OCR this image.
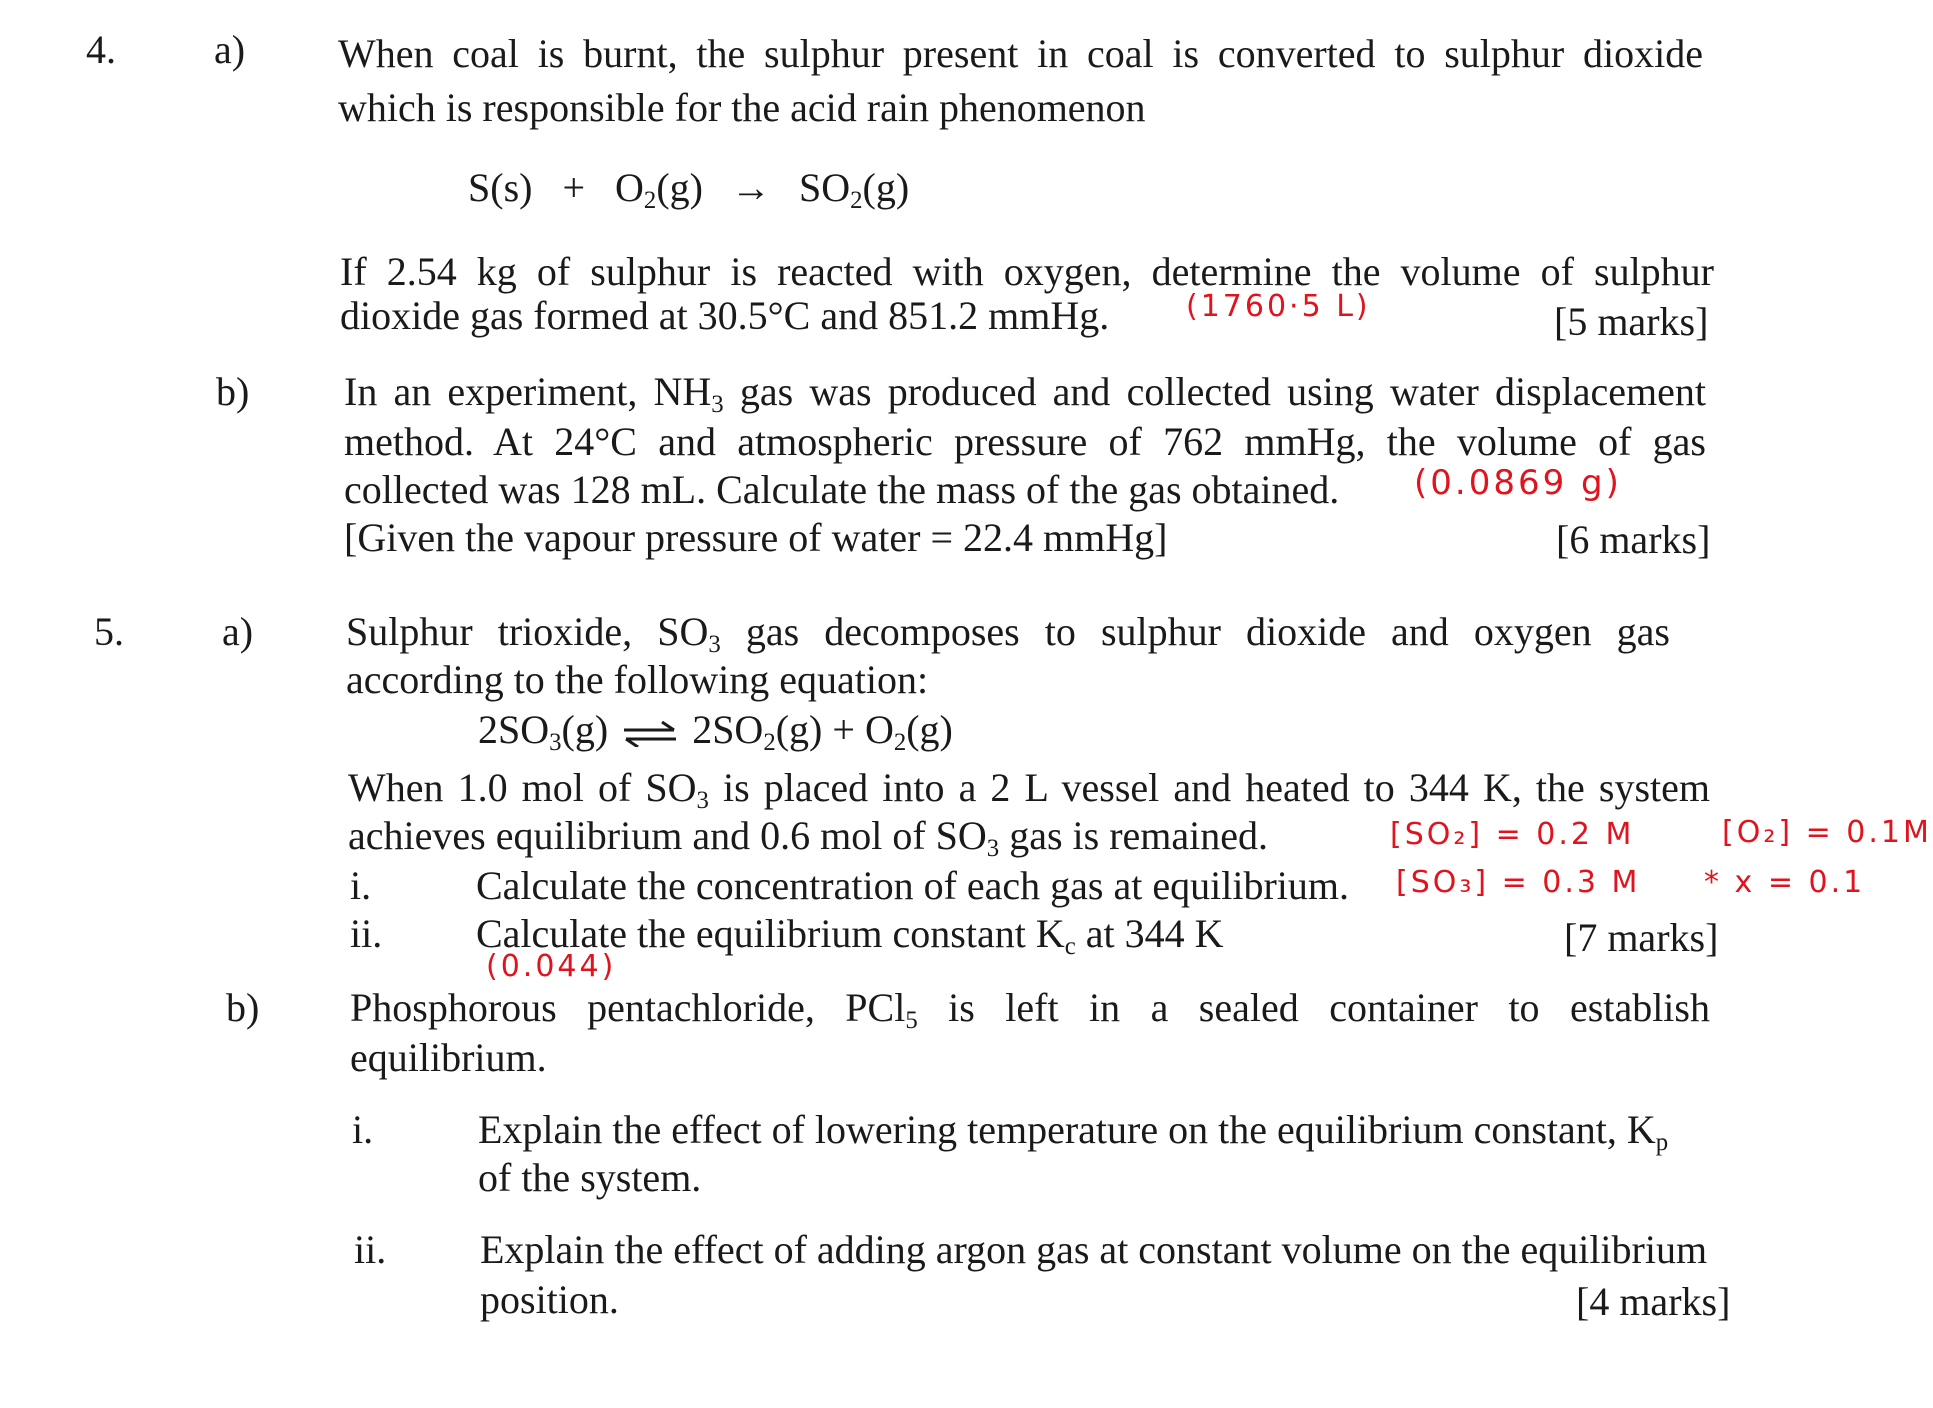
4. a) When coal is burnt, the sulphur present in coal is converted to sulphur dioxide
which is responsible for the acid rain phenomenon
$S(s) + O_2(g) \to SO_2(g)$
If 2.54 kg of sulphur is reacted with oxygen, determine the volume of sulphur
dioxide gas formed at 30.5°C and 851.2 mmHg.	(1760·5 L)	[5 marks]
b) In an experiment, $NH_3$ gas was produced and collected using water displacement
method. At 24°C and atmospheric pressure of 762 mmHg, the volume of gas
collected was 128 mL. Calculate the mass of the gas obtained. (0.0869 g)
[Given the vapour pressure of water = 22.4 mmHg]	[6 marks]
5. a) Sulphur trioxide, $SO_3$ gas decomposes to sulphur dioxide and oxygen gas
according to the following equation:
$2SO_3(g)$ ⇌ $2SO_2(g) + O_2(g)$
When 1.0 mol of $SO_3$ is placed into a 2 L vessel and heated to 344 K, the system
achieves equilibrium and 0.6 mol of $SO_3$ gas is remained.	[SO₂] = 0.2 M	[O₂] = 0.1M
i.	Calculate the concentration of each gas at equilibrium. [SO₃] = 0.3 M * x = 0.1
ii. Calculate the equilibrium constant $K_c$ at 344 K	[7 marks]
(0.044)
b) Phosphorous pentachloride, PCl$_5$ is left in a sealed container to establish
equilibrium.
i.	Explain the effect of lowering temperature on the equilibrium constant, $K_p$
of the system.
ii. Explain the effect of adding argon gas at constant volume on the equilibrium
position.	[4 marks]
